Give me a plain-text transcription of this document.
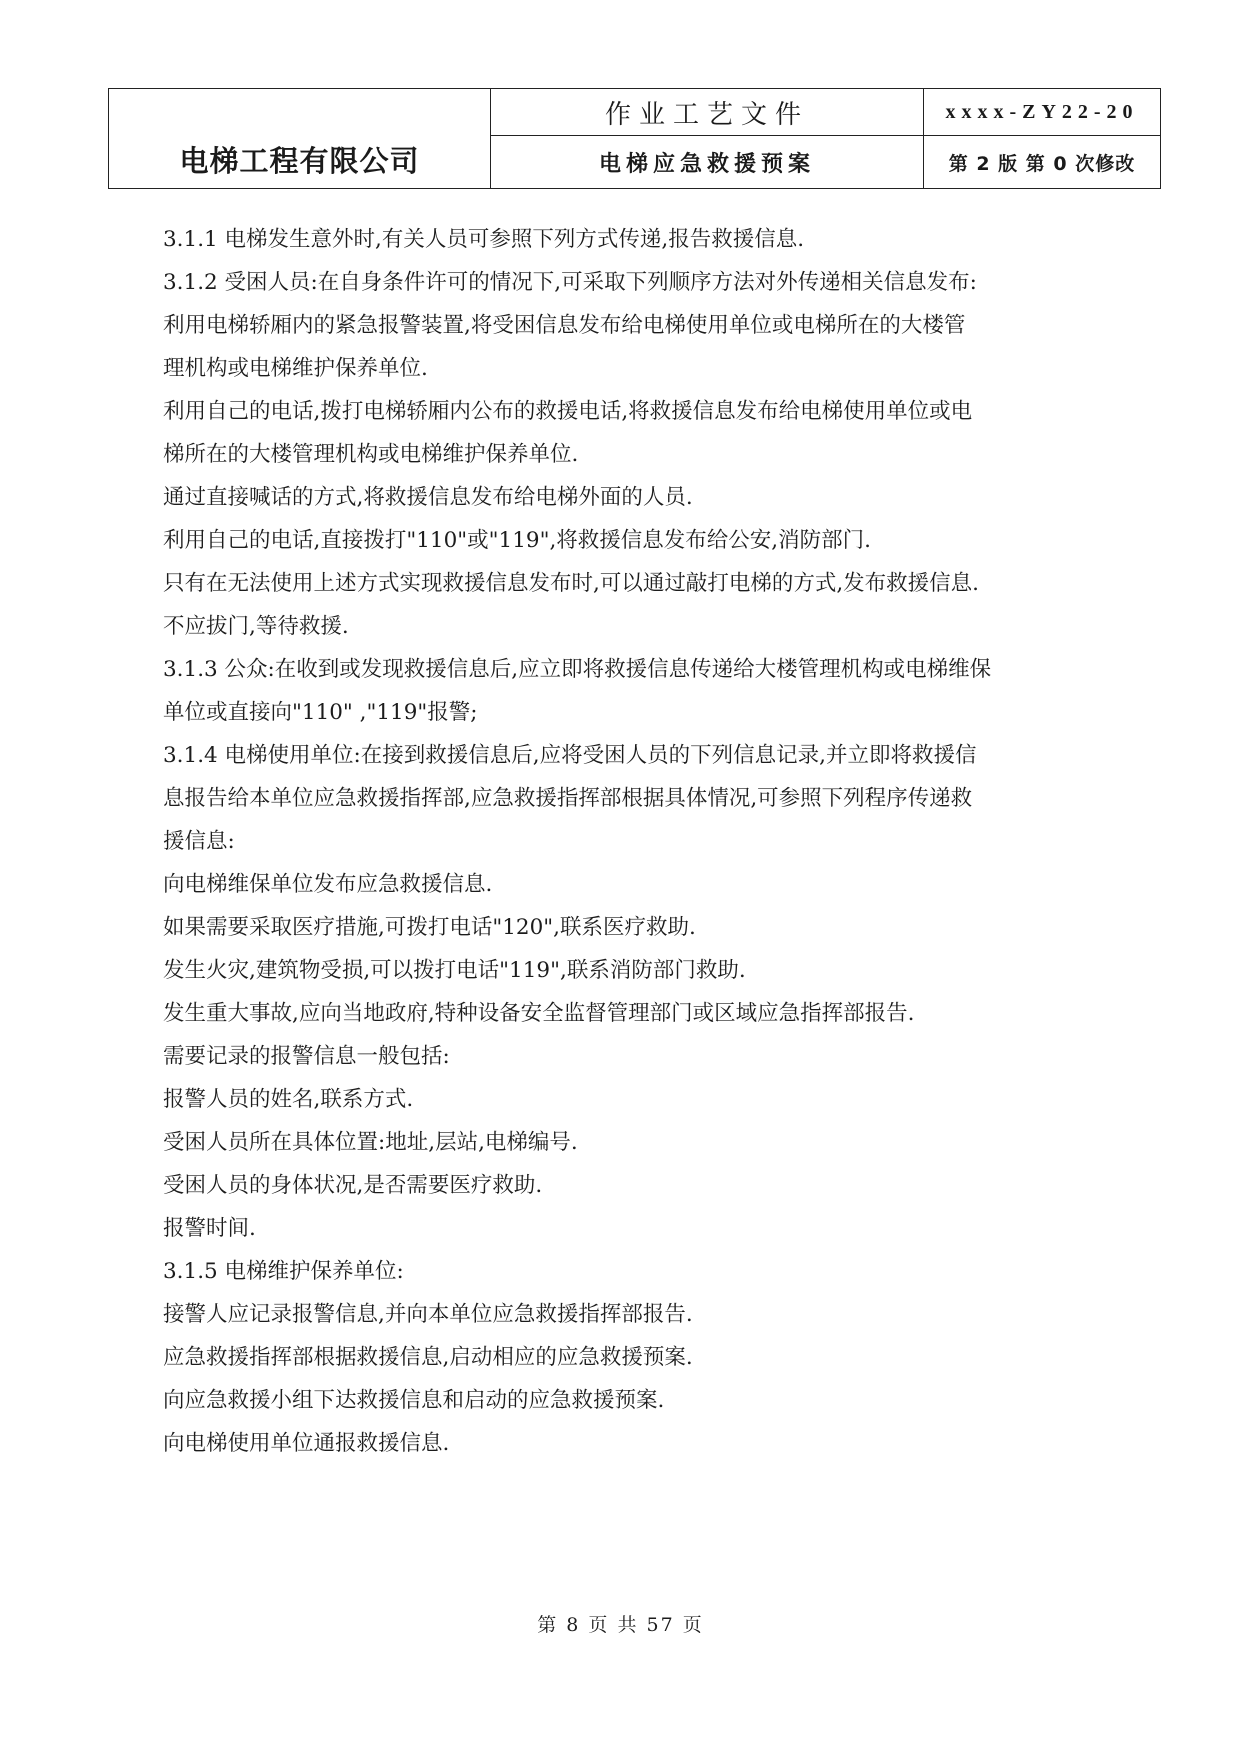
电梯工程有限公司	作业工艺文件	xxxx-ZY22-20
	电梯应急救援预案	第 2 版 第 0 次修改
3.1.1 电梯发生意外时,有关人员可参照下列方式传递,报告救援信息.
3.1.2 受困人员:在自身条件许可的情况下,可采取下列顺序方法对外传递相关信息发布:
利用电梯轿厢内的紧急报警装置,将受困信息发布给电梯使用单位或电梯所在的大楼管
理机构或电梯维护保养单位.
利用自己的电话,拨打电梯轿厢内公布的救援电话,将救援信息发布给电梯使用单位或电
梯所在的大楼管理机构或电梯维护保养单位.
通过直接喊话的方式,将救援信息发布给电梯外面的人员.
利用自己的电话,直接拨打"110"或"119",将救援信息发布给公安,消防部门.
只有在无法使用上述方式实现救援信息发布时,可以通过敲打电梯的方式,发布救援信息.
不应拔门,等待救援.
3.1.3 公众:在收到或发现救援信息后,应立即将救援信息传递给大楼管理机构或电梯维保
单位或直接向"110" ,"119"报警;
3.1.4 电梯使用单位:在接到救援信息后,应将受困人员的下列信息记录,并立即将救援信
息报告给本单位应急救援指挥部,应急救援指挥部根据具体情况,可参照下列程序传递救
援信息:
向电梯维保单位发布应急救援信息.
如果需要采取医疗措施,可拨打电话"120",联系医疗救助.
发生火灾,建筑物受损,可以拨打电话"119",联系消防部门救助.
发生重大事故,应向当地政府,特种设备安全监督管理部门或区域应急指挥部报告.
需要记录的报警信息一般包括:
报警人员的姓名,联系方式.
受困人员所在具体位置:地址,层站,电梯编号.
受困人员的身体状况,是否需要医疗救助.
报警时间.
3.1.5 电梯维护保养单位:
接警人应记录报警信息,并向本单位应急救援指挥部报告.
应急救援指挥部根据救援信息,启动相应的应急救援预案.
向应急救援小组下达救援信息和启动的应急救援预案.
向电梯使用单位通报救援信息.
第 8 页 共 57 页
